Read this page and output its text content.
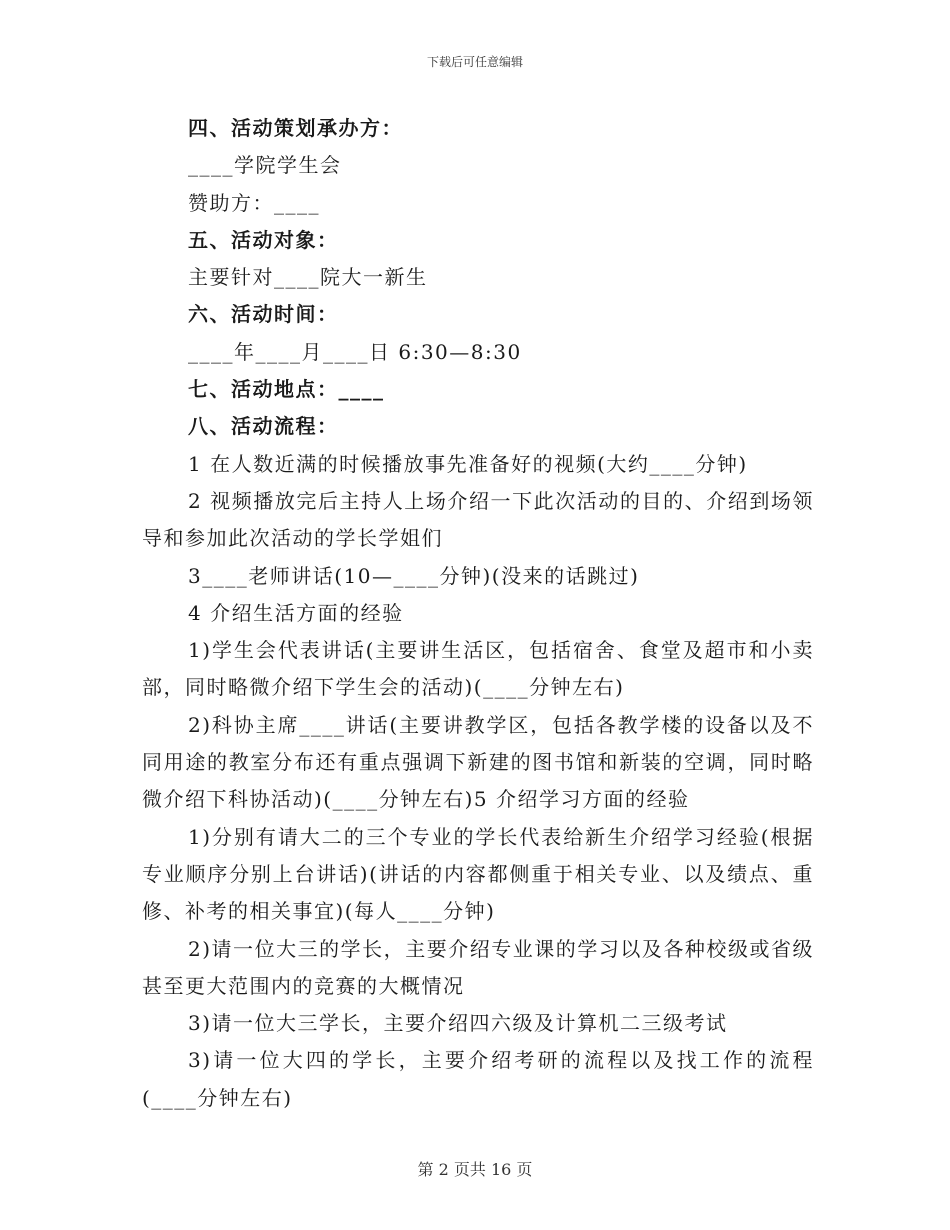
下载后可任意编辑
四、活动策划承办方：
____学院学生会
赞助方：____
五、活动对象：
主要针对____院大一新生
六、活动时间：
____年____月____日 6:30—8:30
七、活动地点：____
八、活动流程：
1 在人数近满的时候播放事先准备好的视频(大约____分钟)
2 视频播放完后主持人上场介绍一下此次活动的目的、介绍到场领导和参加此次活动的学长学姐们
3____老师讲话(10—____分钟)(没来的话跳过)
4 介绍生活方面的经验
1)学生会代表讲话(主要讲生活区，包括宿舍、食堂及超市和小卖部，同时略微介绍下学生会的活动)(____分钟左右)
2)科协主席____讲话(主要讲教学区，包括各教学楼的设备以及不同用途的教室分布还有重点强调下新建的图书馆和新装的空调，同时略微介绍下科协活动)(____分钟左右)5 介绍学习方面的经验
1)分别有请大二的三个专业的学长代表给新生介绍学习经验(根据专业顺序分别上台讲话)(讲话的内容都侧重于相关专业、以及绩点、重修、补考的相关事宜)(每人____分钟)
2)请一位大三的学长，主要介绍专业课的学习以及各种校级或省级甚至更大范围内的竞赛的大概情况
3)请一位大三学长，主要介绍四六级及计算机二三级考试
3)请一位大四的学长，主要介绍考研的流程以及找工作的流程(____分钟左右)
第 2 页共 16 页
